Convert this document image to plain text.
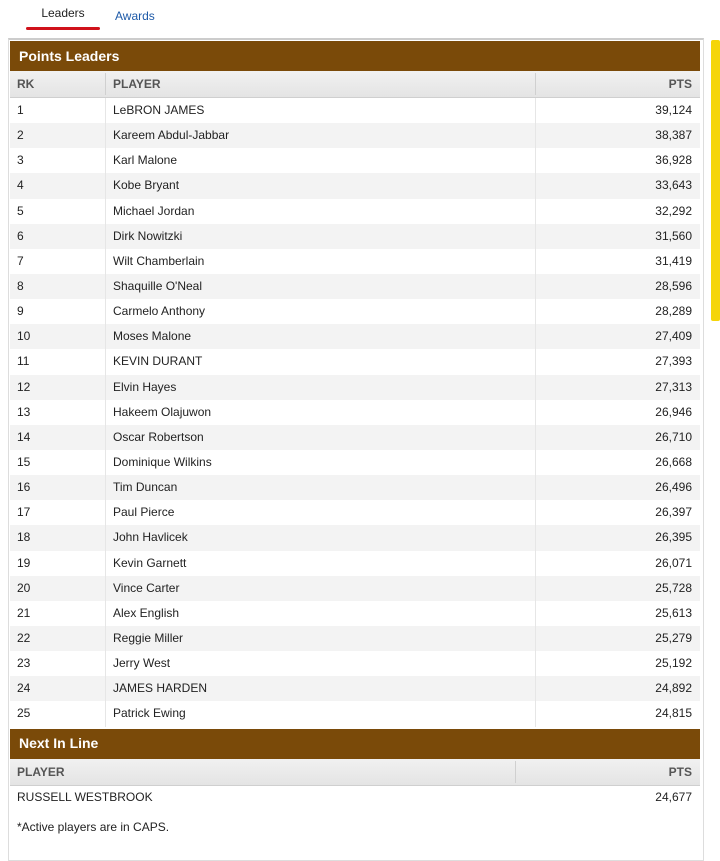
Leaders	Awards
Points Leaders
RK	PLAYER	PTS
1	LeBRON JAMES	39,124
2	Kareem Abdul-Jabbar	38,387
3	Karl Malone	36,928
4	Kobe Bryant	33,643
5	Michael Jordan	32,292
6	Dirk Nowitzki	31,560
7	Wilt Chamberlain	31,419
8	Shaquille O'Neal	28,596
9	Carmelo Anthony	28,289
10	Moses Malone	27,409
11	KEVIN DURANT	27,393
12	Elvin Hayes	27,313
13	Hakeem Olajuwon	26,946
14	Oscar Robertson	26,710
15	Dominique Wilkins	26,668
16	Tim Duncan	26,496
17	Paul Pierce	26,397
18	John Havlicek	26,395
19	Kevin Garnett	26,071
20	Vince Carter	25,728
21	Alex English	25,613
22	Reggie Miller	25,279
23	Jerry West	25,192
24	JAMES HARDEN	24,892
25	Patrick Ewing	24,815
Next In Line
PLAYER	PTS
RUSSELL WESTBROOK	24,677
*Active players are in CAPS.
